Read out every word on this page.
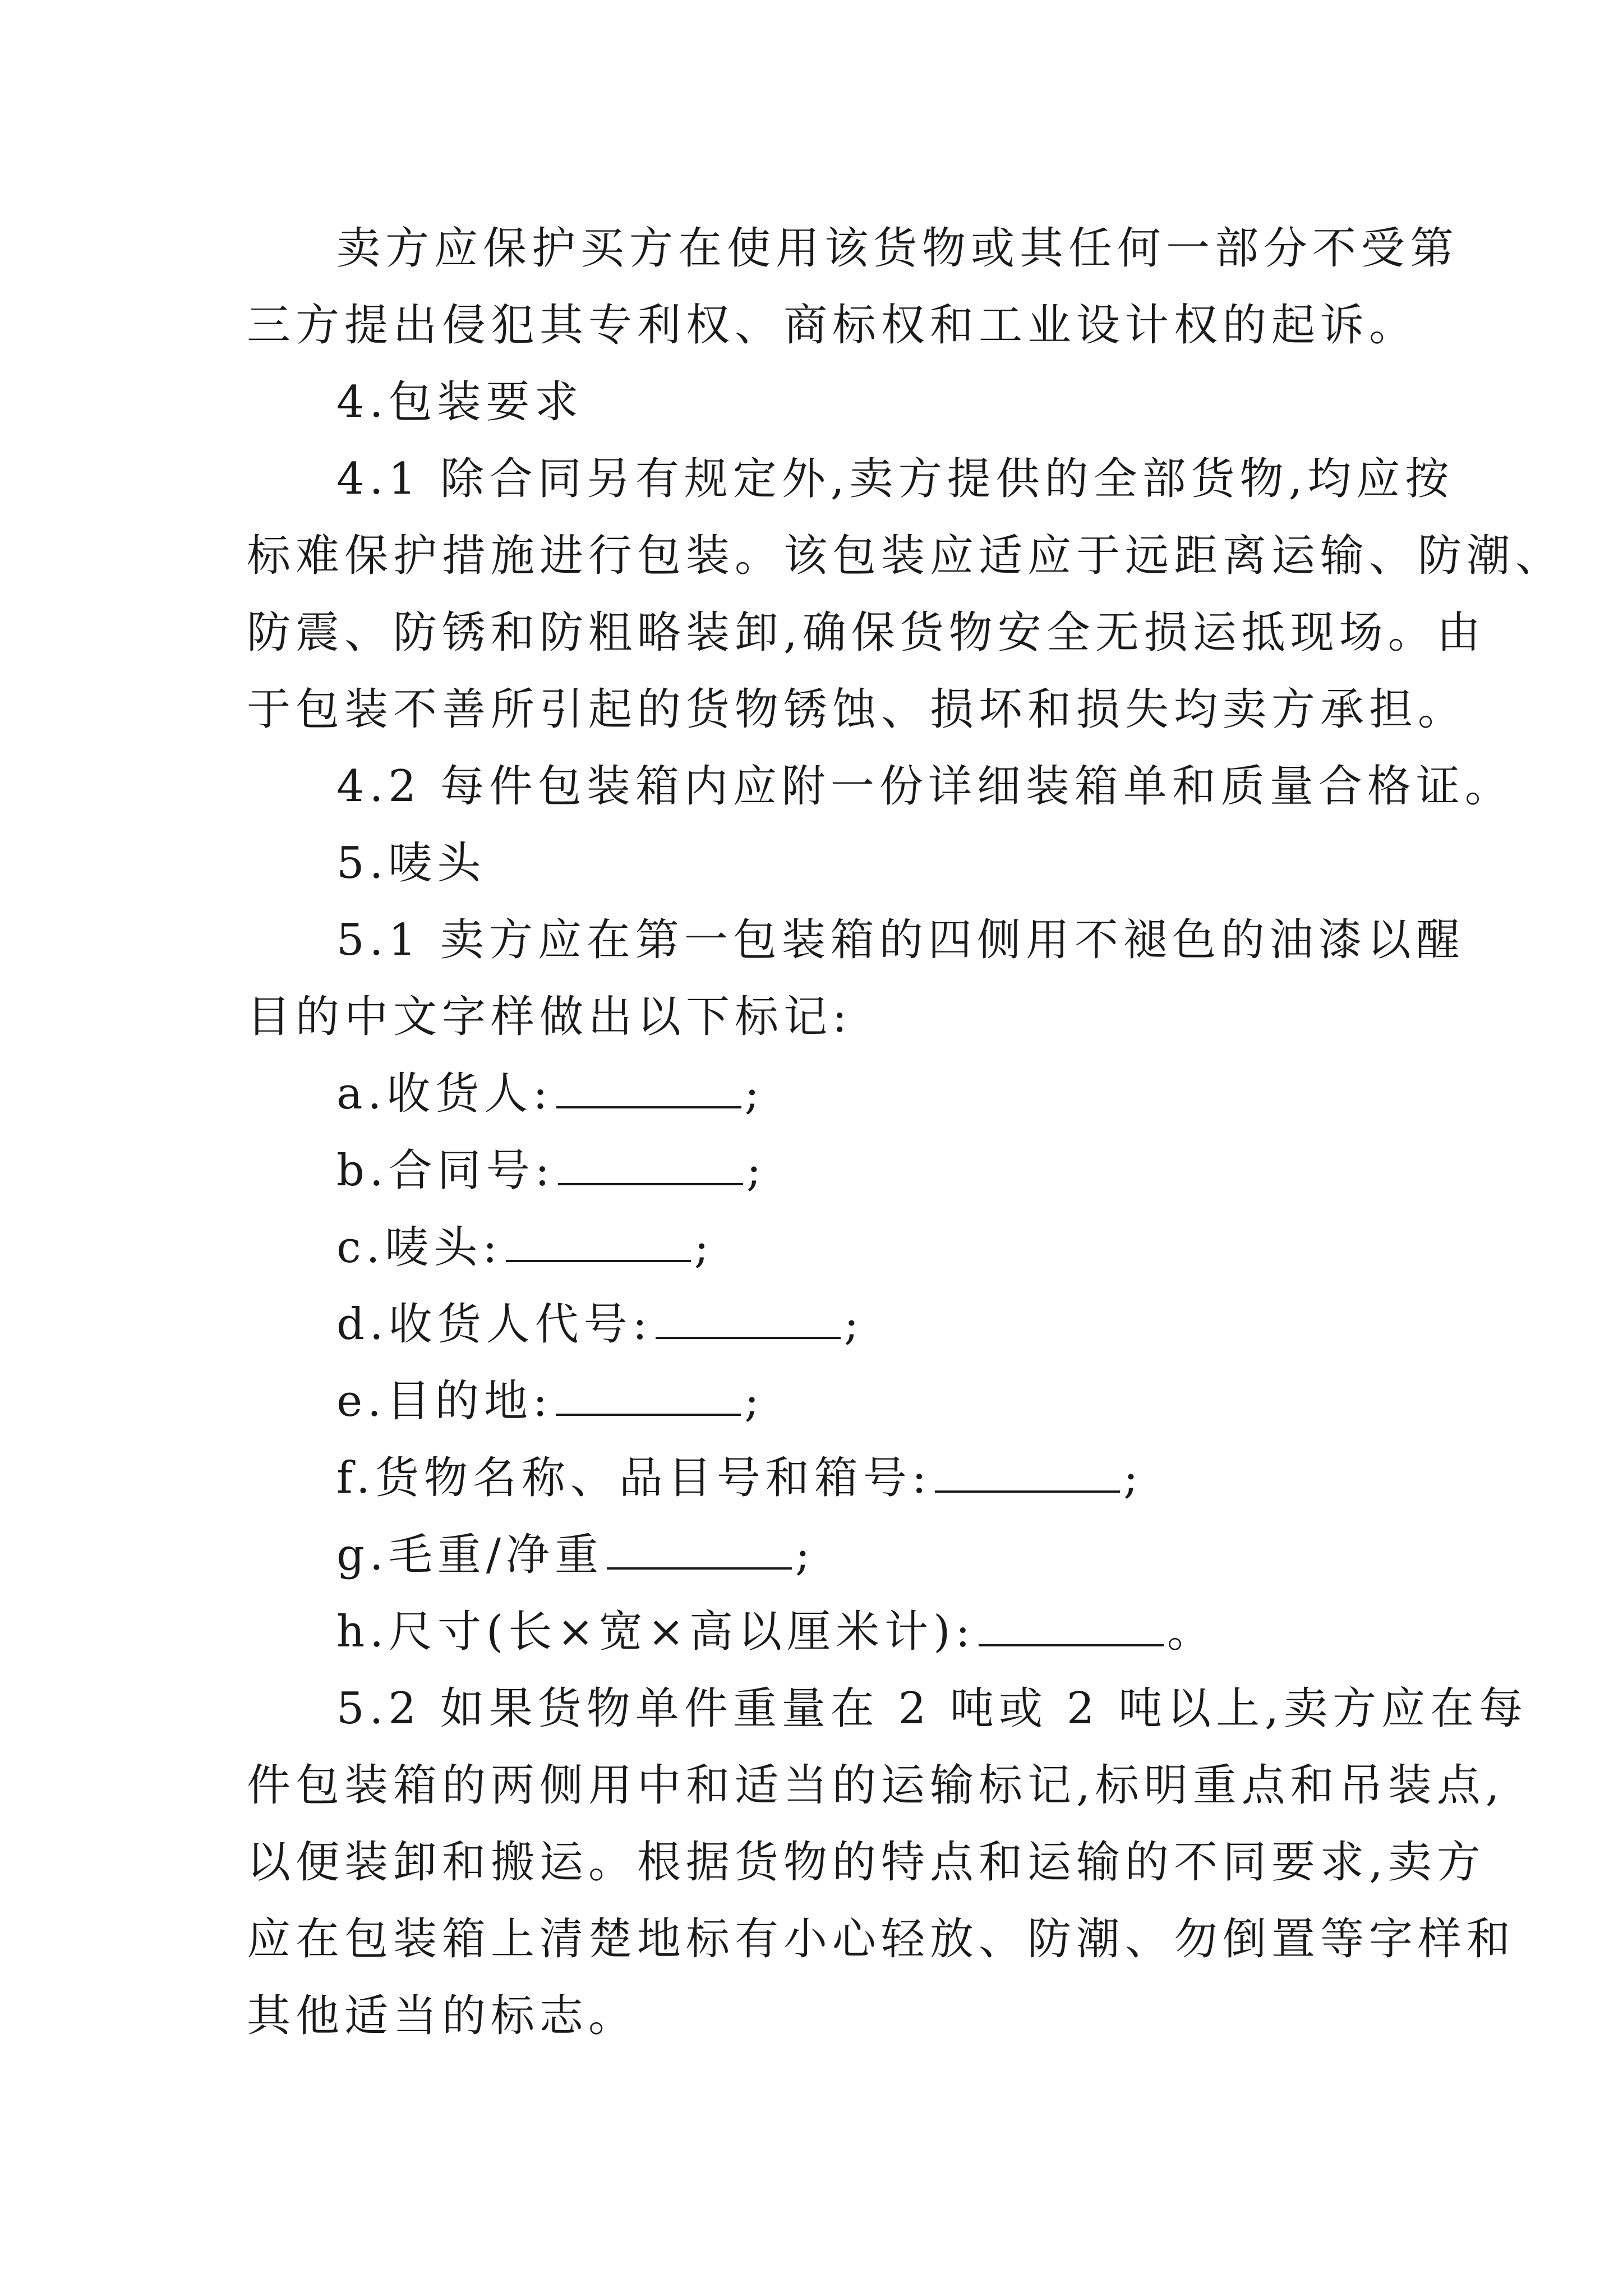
卖方应保护买方在使用该货物或其任何一部分不受第
三方提出侵犯其专利权、商标权和工业设计权的起诉。
4.包装要求
4.1 除合同另有规定外,卖方提供的全部货物,均应按
标难保护措施进行包装。该包装应适应于远距离运输、防潮、
防震、防锈和防粗略装卸,确保货物安全无损运抵现场。由
于包装不善所引起的货物锈蚀、损坏和损失均卖方承担。
4.2 每件包装箱内应附一份详细装箱单和质量合格证。
5.唛头
5.1 卖方应在第一包装箱的四侧用不褪色的油漆以醒
目的中文字样做出以下标记:
a.收货人:	;
b.合同号:	;
c.唛头:	;
d.收货人代号:	;
e.目的地:	;
f.货物名称、品目号和箱号:	;
g.毛重/净重	;
h.尺寸(长×宽×高以厘米计):	。
5.2 如果货物单件重量在 2 吨或 2 吨以上,卖方应在每
件包装箱的两侧用中和适当的运输标记,标明重点和吊装点,
以便装卸和搬运。根据货物的特点和运输的不同要求,卖方
应在包装箱上清楚地标有小心轻放、防潮、勿倒置等字样和
其他适当的标志。
